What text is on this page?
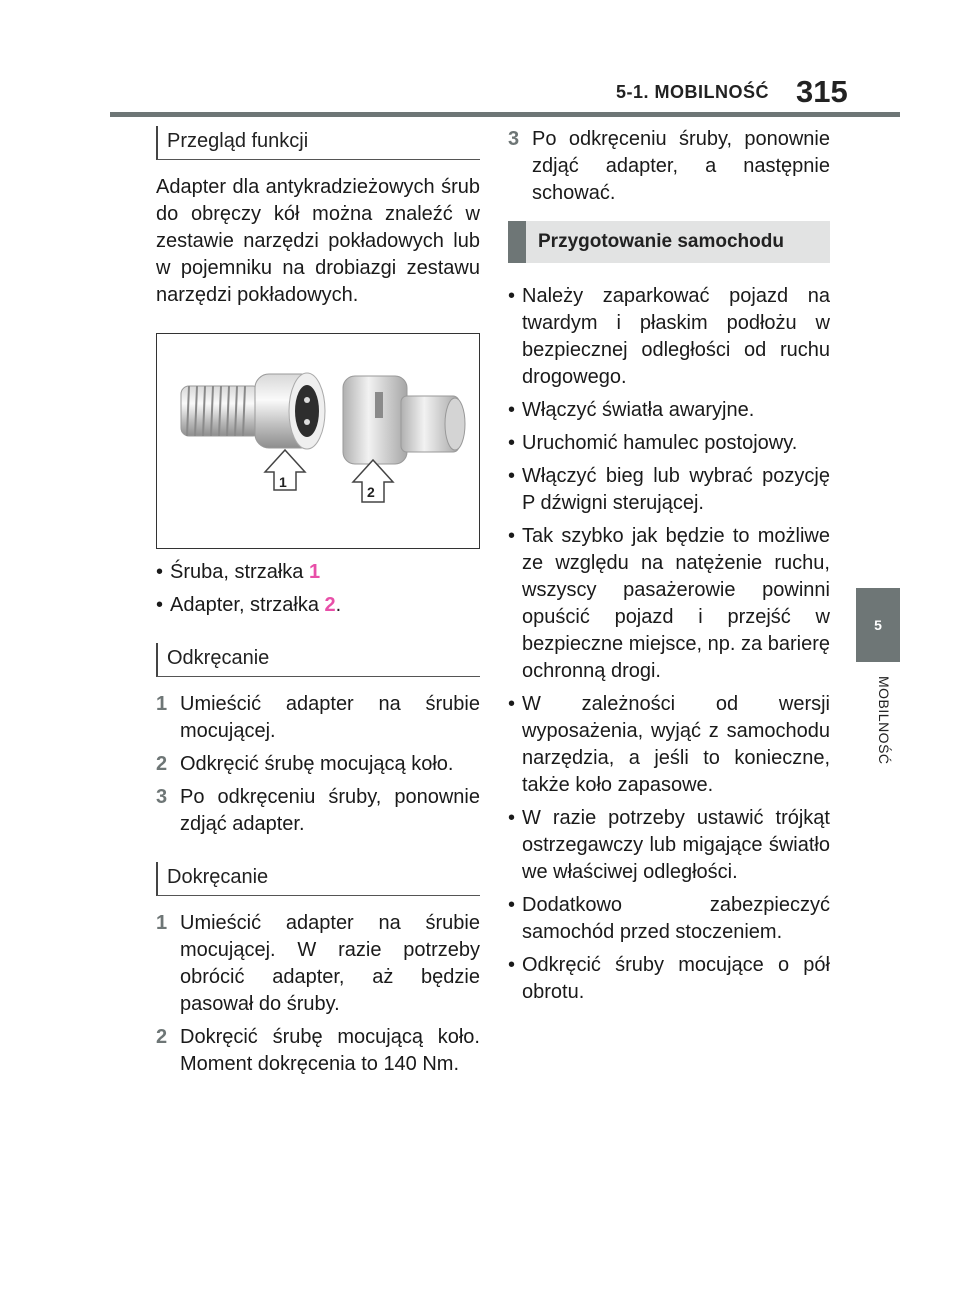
5-1. MOBILNOŚĆ 315
5
MOBILNOŚĆ
Przegląd funkcji

Adapter dla antykradzieżowych śrub do obręczy kół można znaleźć w zestawie narzędzi pokładowych lub w pojemniku na drobiazgi zestawu narzędzi pokładowych.

1
2
• Śruba, strzałka 1
• Adapter, strzałka 2.
Odkręcanie
1 Umieścić adapter na śrubie mocującej.
2 Odkręcić śrubę mocującą koło.
3 Po odkręceniu śruby, ponownie zdjąć adapter.
Dokręcanie
1 Umieścić adapter na śrubie mocującej. W razie potrzeby obrócić adapter, aż będzie pasował do śruby.
2 Dokręcić śrubę mocującą koło. Moment dokręcenia to 140 Nm.
3 Po odkręceniu śruby, ponownie zdjąć adapter, a następnie schować.
Przygotowanie samochodu
• Należy zaparkować pojazd na twardym i płaskim podłożu w bezpiecznej odległości od ruchu drogowego.
• Włączyć światła awaryjne.
• Uruchomić hamulec postojowy.
• Włączyć bieg lub wybrać pozycję P dźwigni sterującej.
• Tak szybko jak będzie to możliwe ze względu na natężenie ruchu, wszyscy pasażerowie powinni opuścić pojazd i przejść w bezpieczne miejsce, np. za barierę ochronną drogi.
• W zależności od wersji wyposażenia, wyjąć z samochodu narzędzia, a jeśli to konieczne, także koło zapasowe.
• W razie potrzeby ustawić trójkąt ostrzegawczy lub migające światło we właściwej odległości.
• Dodatkowo zabezpieczyć samochód przed stoczeniem.
• Odkręcić śruby mocujące o pół obrotu.
